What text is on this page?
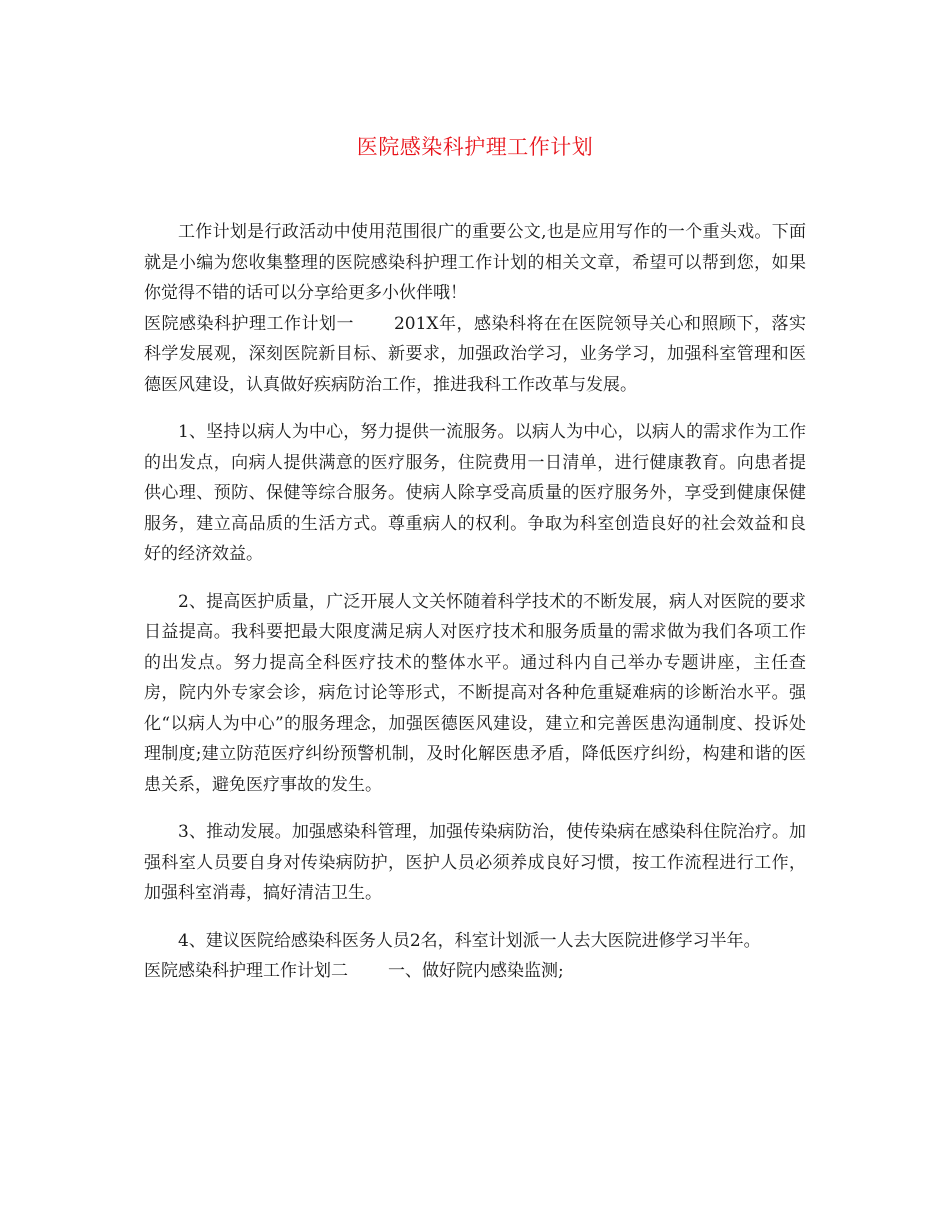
医院感染科护理工作计划

工作计划是行政活动中使用范围很广的重要公文,也是应用写作的一个重头戏。下面就是小编为您收集整理的医院感染科护理工作计划的相关文章，希望可以帮到您，如果你觉得不错的话可以分享给更多小伙伴哦！

医院感染科护理工作计划一 201X年，感染科将在在医院领导关心和照顾下，落实科学发展观，深刻医院新目标、新要求，加强政治学习，业务学习，加强科室管理和医德医风建设，认真做好疾病防治工作，推进我科工作改革与发展。

1、坚持以病人为中心，努力提供一流服务。以病人为中心，以病人的需求作为工作的出发点，向病人提供满意的医疗服务，住院费用一日清单，进行健康教育。向患者提供心理、预防、保健等综合服务。使病人除享受高质量的医疗服务外，享受到健康保健服务，建立高品质的生活方式。尊重病人的权利。争取为科室创造良好的社会效益和良好的经济效益。

2、提高医护质量，广泛开展人文关怀随着科学技术的不断发展，病人对医院的要求日益提高。我科要把最大限度满足病人对医疗技术和服务质量的需求做为我们各项工作的出发点。努力提高全科医疗技术的整体水平。通过科内自己举办专题讲座，主任查房，院内外专家会诊，病危讨论等形式，不断提高对各种危重疑难病的诊断治水平。强化“以病人为中心”的服务理念，加强医德医风建设，建立和完善医患沟通制度、投诉处理制度;建立防范医疗纠纷预警机制，及时化解医患矛盾，降低医疗纠纷，构建和谐的医患关系，避免医疗事故的发生。

3、推动发展。加强感染科管理，加强传染病防治，使传染病在感染科住院治疗。加强科室人员要自身对传染病防护，医护人员必须养成良好习惯，按工作流程进行工作，加强科室消毒，搞好清洁卫生。

4、建议医院给感染科医务人员2名，科室计划派一人去大医院进修学习半年。

医院感染科护理工作计划二 一、做好院内感染监测;
